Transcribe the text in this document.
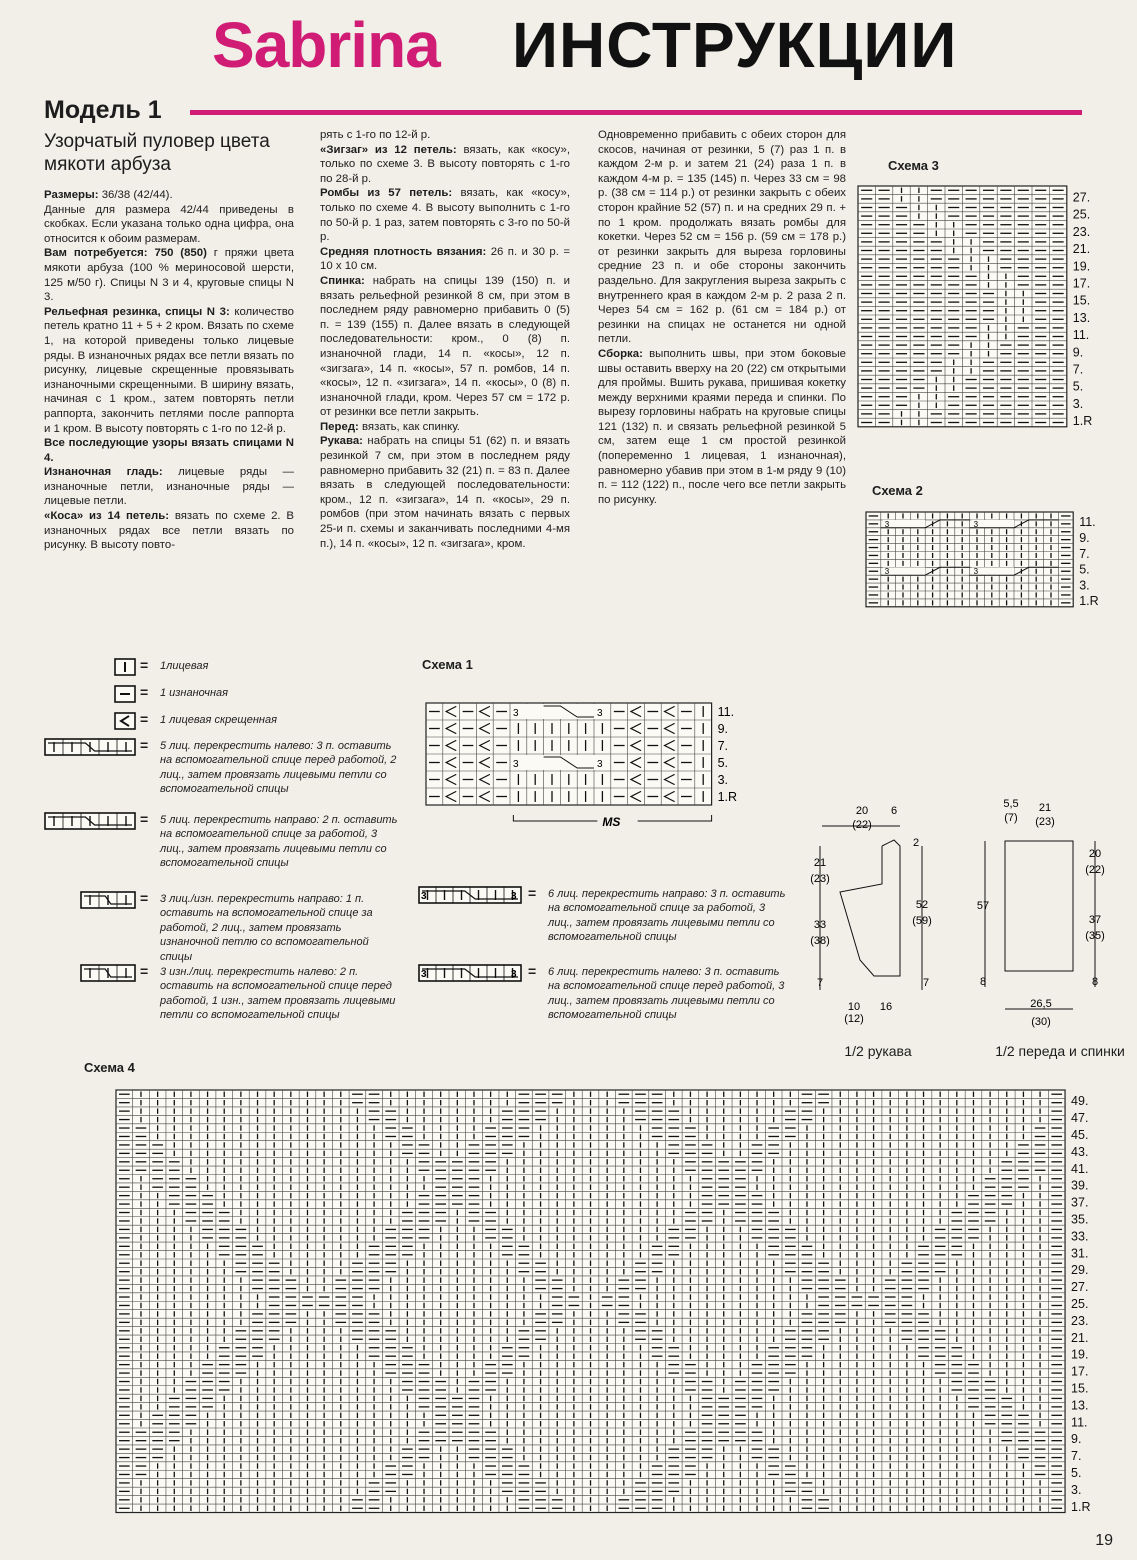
Sabrina ИНСТРУКЦИИ
Модель 1
Узорчатый пуловер цвета мякоти арбуза

Размеры: 36/38 (42/44).

Данные для размера 42/44 приведены в скобках. Если указана только одна цифра, она относится к обоим размерам.

Вам потребуется: 750 (850) г пряжи цвета мякоти арбуза (100 % мериносовой шерсти, 125 м/50 г). Спицы N 3 и 4, круговые спицы N 3.

Рельефная резинка, спицы N 3: количество петель кратно 11 + 5 + 2 кром. Вязать по схеме 1, на которой приведены только лицевые ряды. В изнаночных рядах все петли вязать по рисунку, лицевые скрещенные провязывать изнаночными скрещенными. В ширину вязать, начиная с 1 кром., затем повторять петли раппорта, закончить петлями после раппорта и 1 кром. В высоту повторять с 1-го по 12-й р.

Все последующие узоры вязать спицами N 4.

Изнаночная гладь: лицевые ряды — изнаночные петли, изнаночные ряды — лицевые петли.

«Коса» из 14 петель: вязать по схеме 2. В изнаночных рядах все петли вязать по рисунку. В высоту повто-

рять с 1-го по 12-й р.

«Зигзаг» из 12 петель: вязать, как «косу», только по схеме 3. В высоту повторять с 1-го по 28-й р.

Ромбы из 57 петель: вязать, как «косу», только по схеме 4. В высоту выполнить с 1-го по 50-й р. 1 раз, затем повторять с 3-го по 50-й р.

Средняя плотность вязания: 26 п. и 30 р. = 10 х 10 см.

Спинка: набрать на спицы 139 (150) п. и вязать рельефной резинкой 8 см, при этом в последнем ряду равномерно прибавить 0 (5) п. = 139 (155) п. Далее вязать в следующей последовательности: кром., 0 (8) п. изнаночной глади, 14 п. «косы», 12 п. «зигзага», 14 п. «косы», 57 п. ромбов, 14 п. «косы», 12 п. «зигзага», 14 п. «косы», 0 (8) п. изнаночной глади, кром. Через 57 см = 172 р. от резинки все петли закрыть.

Перед: вязать, как спинку.

Рукава: набрать на спицы 51 (62) п. и вязать резинкой 7 см, при этом в последнем ряду равномерно прибавить 32 (21) п. = 83 п. Далее вязать в следующей последовательности: кром., 12 п. «зигзага», 14 п. «косы», 29 п. ромбов (при этом начинать вязать с первых 25-и п. схемы и заканчивать последними 4-мя п.), 14 п. «косы», 12 п. «зигзага», кром.

Одновременно прибавить с обеих сторон для скосов, начиная от резинки, 5 (7) раз 1 п. в каждом 2-м р. и затем 21 (24) раза 1 п. в каждом 4-м р. = 135 (145) п. Через 33 см = 98 р. (38 см = 114 р.) от резинки закрыть с обеих сторон крайние 52 (57) п. и на средних 29 п. + по 1 кром. продолжать вязать ромбы для кокетки. Через 52 см = 156 р. (59 см = 178 р.) от резинки закрыть для выреза горловины средние 23 п. и обе стороны закончить раздельно. Для закругления выреза закрыть с внутреннего края в каждом 2-м р. 2 раза 2 п. Через 54 см = 162 р. (61 см = 184 р.) от резинки на спицах не останется ни одной петли.

Сборка: выполнить швы, при этом боковые швы оставить вверху на 20 (22) см открытыми для проймы. Вшить рукава, пришивая кокетку между верхними краями переда и спинки. По вырезу горловины набрать на круговые спицы 121 (132) п. и связать рельефной резинкой 5 см, затем еще 1 см простой резинкой (попеременно 1 лицевая, 1 изнаночная), равномерно убавив при этом в 1-м ряду 9 (10) п. = 112 (122) п., после чего все петли закрыть по рисунку.

Схема 3
27.
25.
23.
21.
19.
17.
15.
13.
11.
9.
7.
5.
3.
1.R
Схема 2
3	3
3	3
11.
9.
7.
5.
3.
1.R
Схема 1
3	3
3	3
11.
9.
7.
5.
3.
1.R
MS
= 1лицевая
= 1 изнаночная
= 1 лицевая скрещенная
= 5 лиц. перекрестить налево: 3 п. оставить на вспомогательной спице перед работой, 2 лиц., затем провязать лицевыми петли со вспомогательной спицы
= 5 лиц. перекрестить направо: 2 п. оставить на вспомогательной спице за работой, 3 лиц., затем провязать лицевыми петли со вспомогательной спицы
= 3 лиц./изн. перекрестить направо: 1 п. оставить на вспомогательной спице за работой, 2 лиц., затем провязать изнаночной петлю со вспомогательной спицы
= 3 изн./лиц. перекрестить налево: 2 п. оставить на вспомогательной спице перед работой, 1 изн., затем провязать лицевыми петли со вспомогательной спицы
3	3 = 6 лиц. перекрестить направо: 3 п. оставить на вспомогательной спице за работой, 3 лиц., затем провязать лицевыми петли со вспомогательной спицы
3	3 = 6 лиц. перекрестить налево: 3 п. оставить на вспомогательной спице перед работой, 3 лиц., затем провязать лицевыми петли со вспомогательной спицы
20
(22)
6
2
21
(23)
33
(38)
7
52
(59)
7
10
(12)
16
1/2 рукава
5,5
(7)
21
(23)
20
(22)
57
37
(35)
8	8
26,5
(30)
1/2 переда и спинки
Схема 4
49.
47.
45.
43.
41.
39.
37.
35.
33.
31.
29.
27.
25.
23.
21.
19.
17.
15.
13.
11.
9.
7.
5.
3.
1.R
19
